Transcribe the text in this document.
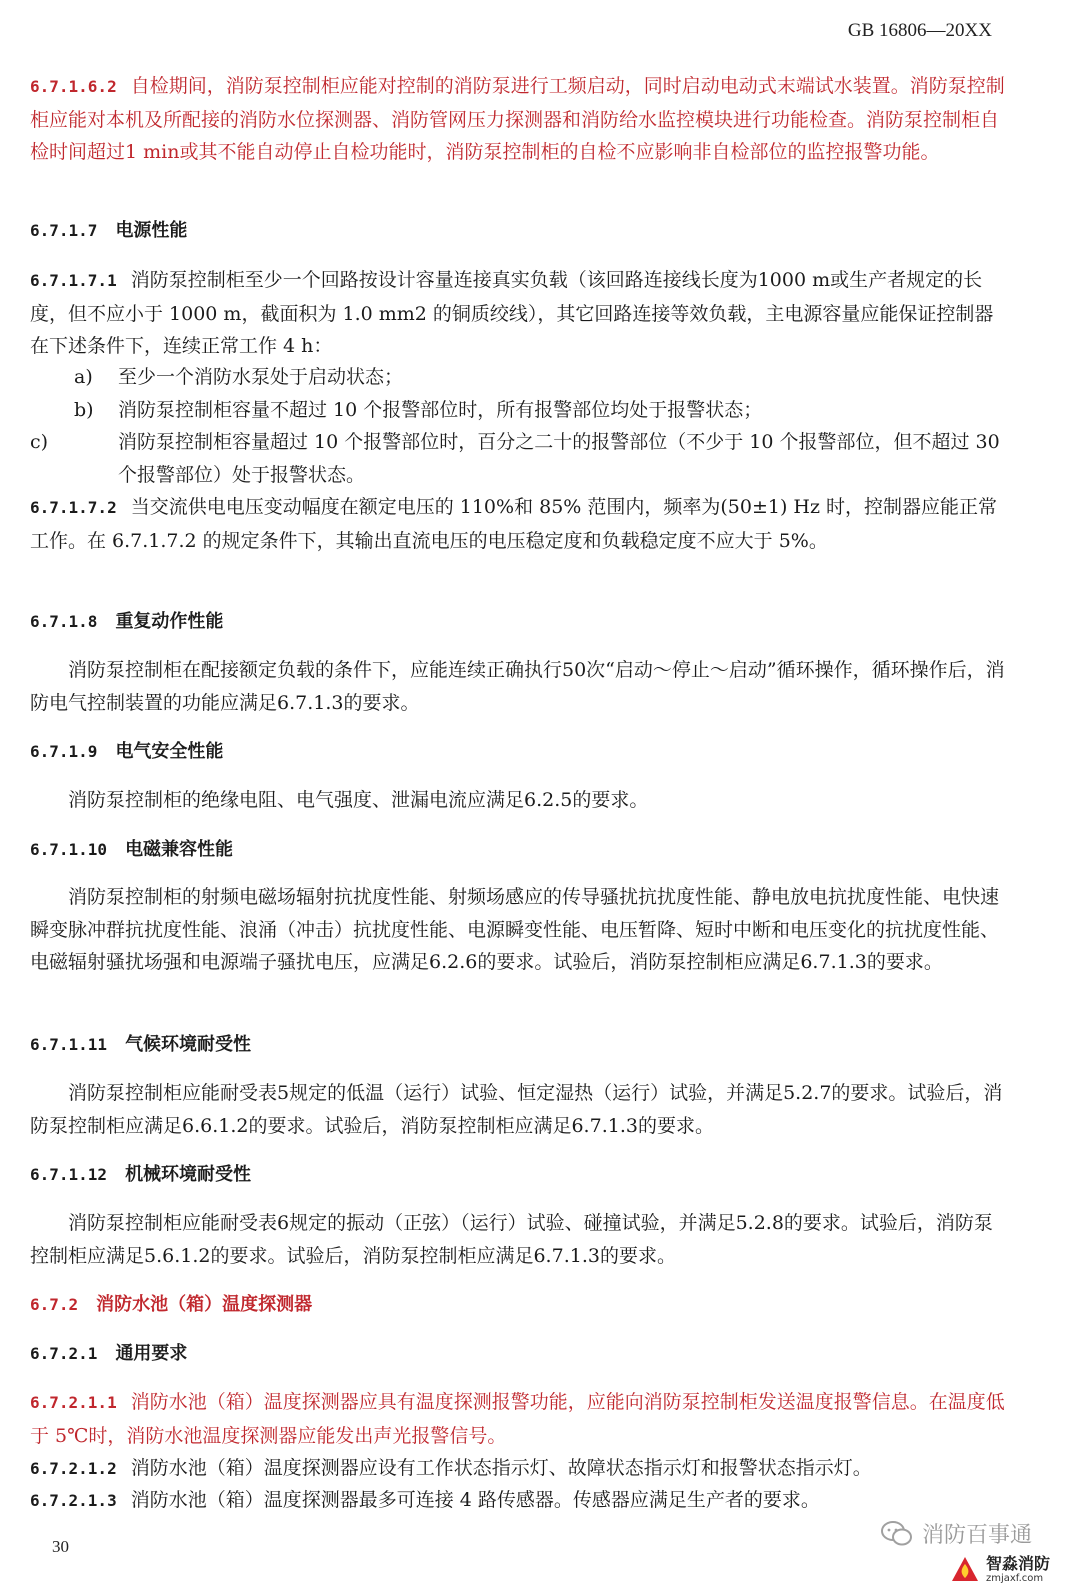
GB 16806—20XX

6.7.1.6.2 自检期间，消防泵控制柜应能对控制的消防泵进行工频启动，同时启动电动式末端试水装置。消防泵控制柜应能对本机及所配接的消防水位探测器、消防管网压力探测器和消防给水监控模块进行功能检查。消防泵控制柜自检时间超过1 min或其不能自动停止自检功能时，消防泵控制柜的自检不应影响非自检部位的监控报警功能。

6.7.1.7 电源性能

6.7.1.7.1 消防泵控制柜至少一个回路按设计容量连接真实负载（该回路连接线长度为1000 m或生产者规定的长度，但不应小于 1000 m，截面积为 1.0 mm2 的铜质绞线），其它回路连接等效负载，主电源容量应能保证控制器在下述条件下，连续正常工作 4 h：

a) 至少一个消防水泵处于启动状态；

b) 消防泵控制柜容量不超过 10 个报警部位时，所有报警部位均处于报警状态；

c)	消防泵控制柜容量超过 10 个报警部位时，百分之二十的报警部位（不少于 10 个报警部位，但不超过 30 个报警部位）处于报警状态。

6.7.1.7.2 当交流供电电压变动幅度在额定电压的 110%和 85% 范围内，频率为(50±1) Hz 时，控制器应能正常工作。在 6.7.1.7.2 的规定条件下，其输出直流电压的电压稳定度和负载稳定度不应大于 5%。

6.7.1.8 重复动作性能

消防泵控制柜在配接额定负载的条件下，应能连续正确执行50次“启动～停止～启动”循环操作，循环操作后，消防电气控制装置的功能应满足6.7.1.3的要求。

6.7.1.9 电气安全性能

消防泵控制柜的绝缘电阻、电气强度、泄漏电流应满足6.2.5的要求。

6.7.1.10 电磁兼容性能

消防泵控制柜的射频电磁场辐射抗扰度性能、射频场感应的传导骚扰抗扰度性能、静电放电抗扰度性能、电快速瞬变脉冲群抗扰度性能、浪涌（冲击）抗扰度性能、电源瞬变性能、电压暂降、短时中断和电压变化的抗扰度性能、电磁辐射骚扰场强和电源端子骚扰电压，应满足6.2.6的要求。试验后，消防泵控制柜应满足6.7.1.3的要求。

6.7.1.11 气候环境耐受性

消防泵控制柜应能耐受表5规定的低温（运行）试验、恒定湿热（运行）试验，并满足5.2.7的要求。试验后，消防泵控制柜应满足6.6.1.2的要求。试验后，消防泵控制柜应满足6.7.1.3的要求。

6.7.1.12 机械环境耐受性

消防泵控制柜应能耐受表6规定的振动（正弦）（运行）试验、碰撞试验，并满足5.2.8的要求。试验后，消防泵控制柜应满足5.6.1.2的要求。试验后，消防泵控制柜应满足6.7.1.3的要求。

6.7.2 消防水池（箱）温度探测器
6.7.2.1 通用要求

6.7.2.1.1 消防水池（箱）温度探测器应具有温度探测报警功能，应能向消防泵控制柜发送温度报警信息。在温度低于 5℃时，消防水池温度探测器应能发出声光报警信号。

6.7.2.1.2 消防水池（箱）温度探测器应设有工作状态指示灯、故障状态指示灯和报警状态指示灯。

6.7.2.1.3 消防水池（箱）温度探测器最多可连接 4 路传感器。传感器应满足生产者的要求。

30	消防百事通
智淼消防
zmjaxf.com
